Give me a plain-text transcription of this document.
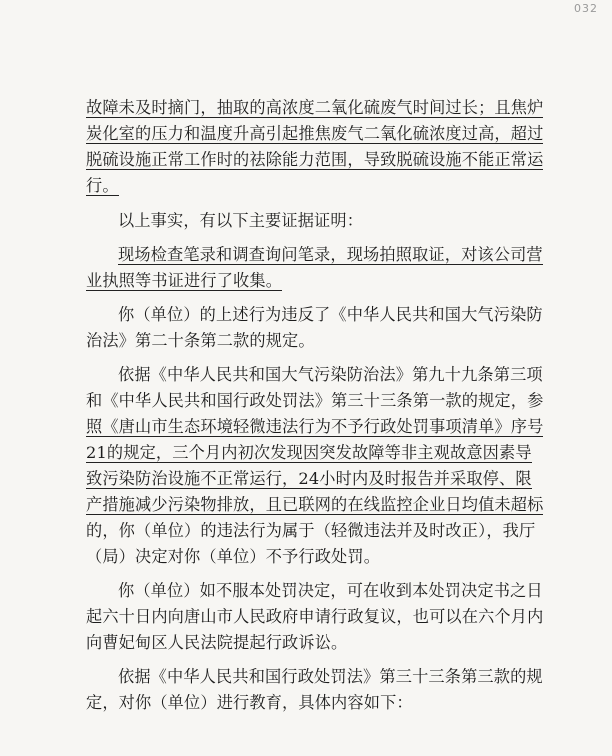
032

故障未及时摘门，抽取的高浓度二氧化硫废气时间过长；且焦炉
炭化室的压力和温度升高引起推焦废气二氧化硫浓度过高，超过
脱硫设施正常工作时的祛除能力范围，导致脱硫设施不能正常运
行。

以上事实，有以下主要证据证明：

现场检查笔录和调查询问笔录，现场拍照取证，对该公司营
业执照等书证进行了收集。

你（单位）的上述行为违反了《中华人民共和国大气污染防
治法》第二十条第二款的规定。

依据《中华人民共和国大气污染防治法》第九十九条第三项
和《中华人民共和国行政处罚法》第三十三条第一款的规定，参
照《唐山市生态环境轻微违法行为不予行政处罚事项清单》序号
21的规定，三个月内初次发现因突发故障等非主观故意因素导
致污染防治设施不正常运行，24小时内及时报告并采取停、限
产措施减少污染物排放，且已联网的在线监控企业日均值未超标
的，你（单位）的违法行为属于（轻微违法并及时改正），我厅
（局）决定对你（单位）不予行政处罚。

你（单位）如不服本处罚决定，可在收到本处罚决定书之日
起六十日内向唐山市人民政府申请行政复议，也可以在六个月内
向曹妃甸区人民法院提起行政诉讼。

依据《中华人民共和国行政处罚法》第三十三条第三款的规
定，对你（单位）进行教育，具体内容如下：
